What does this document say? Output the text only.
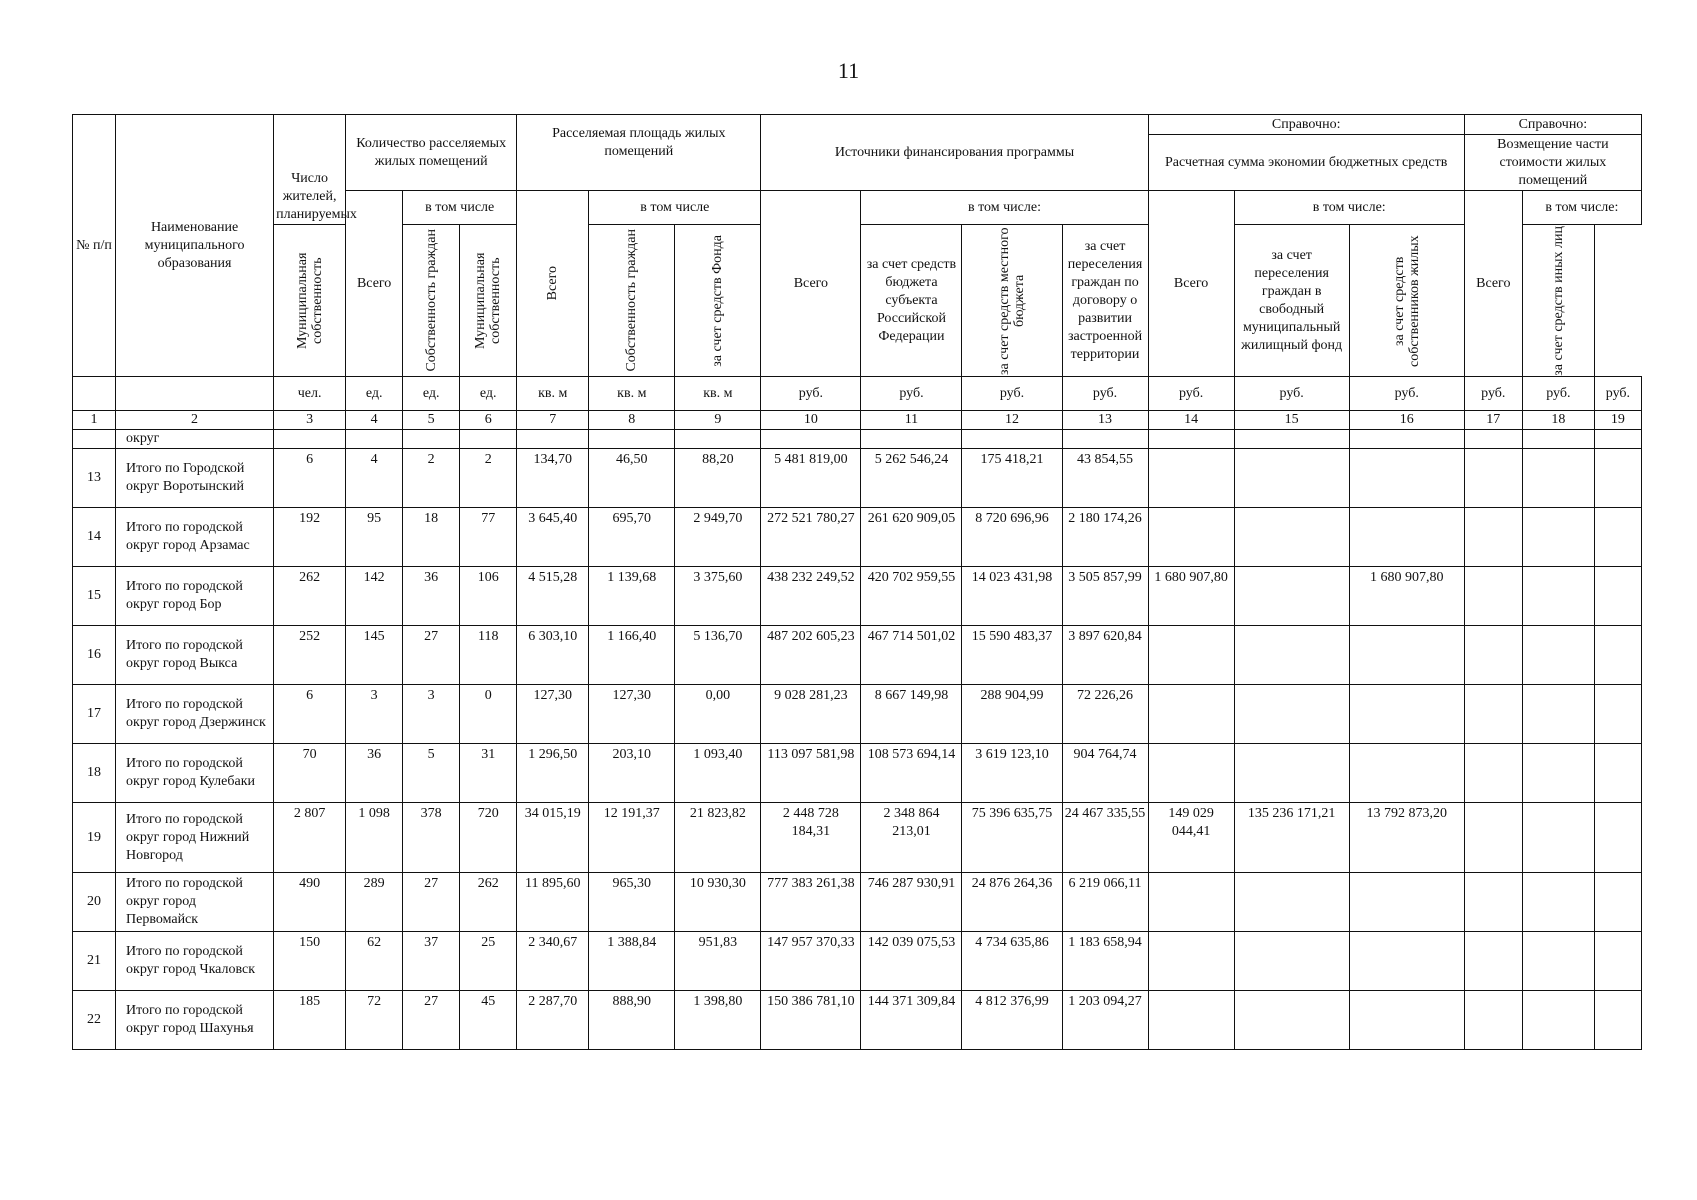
11
№ п/п	Наименование муниципального образования	Число жителей, планируемых	Количество расселяемых жилых помещений			Расселяемая площадь жилых помещений			Источники финансирования программы				Справочно:			Справочно:		
													Расчетная сумма экономии бюджетных средств			Возмещение части стоимости жилых помещений		
			Всего	в том числе		Всего	в том числе		Всего	в том числе:			Всего	в том числе:		Всего	в том числе:	

		Муниципальная собственность		Собственность граждан	Муниципальная собственность		Собственность граждан	за счет средств Фонда		за счет средств бюджета субъекта Российской Федерации	за счет средств местного бюджета	за счет переселения граждан по договору о развитии застроенной территории		за счет переселения граждан в свободный муниципальный жилищный фонд	за счет средств собственников жилых		за счет средств иных лиц	

		чел.	ед.	ед.	ед.	кв. м	кв. м	кв. м	руб.	руб.	руб.	руб.	руб.	руб.	руб.	руб.	руб.	руб.
1	2	3	4	5	6	7	8	9	10	11	12	13	14	15	16	17	18	19
	округ																	
13	Итого по Городской округ Воротынский	6	4	2	2	134,70	46,50	88,20	5 481 819,00	5 262 546,24	175 418,21	43 854,55						
14	Итого по городской округ город Арзамас	192	95	18	77	3 645,40	695,70	2 949,70	272 521 780,27	261 620 909,05	8 720 696,96	2 180 174,26						
15	Итого по городской округ город Бор	262	142	36	106	4 515,28	1 139,68	3 375,60	438 232 249,52	420 702 959,55	14 023 431,98	3 505 857,99	1 680 907,80		1 680 907,80			
16	Итого по городской округ город Выкса	252	145	27	118	6 303,10	1 166,40	5 136,70	487 202 605,23	467 714 501,02	15 590 483,37	3 897 620,84						
17	Итого по городской округ город Дзержинск	6	3	3	0	127,30	127,30	0,00	9 028 281,23	8 667 149,98	288 904,99	72 226,26						
18	Итого по городской округ город Кулебаки	70	36	5	31	1 296,50	203,10	1 093,40	113 097 581,98	108 573 694,14	3 619 123,10	904 764,74						
19	Итого по городской округ город Нижний Новгород	2 807	1 098	378	720	34 015,19	12 191,37	21 823,82	2 448 728 184,31	2 348 864 213,01	75 396 635,75	24 467 335,55	149 029 044,41	135 236 171,21	13 792 873,20			
20	Итого по городской округ город Первомайск	490	289	27	262	11 895,60	965,30	10 930,30	777 383 261,38	746 287 930,91	24 876 264,36	6 219 066,11						
21	Итого по городской округ город Чкаловск	150	62	37	25	2 340,67	1 388,84	951,83	147 957 370,33	142 039 075,53	4 734 635,86	1 183 658,94						
22	Итого по городской округ город Шахунья	185	72	27	45	2 287,70	888,90	1 398,80	150 386 781,10	144 371 309,84	4 812 376,99	1 203 094,27						
